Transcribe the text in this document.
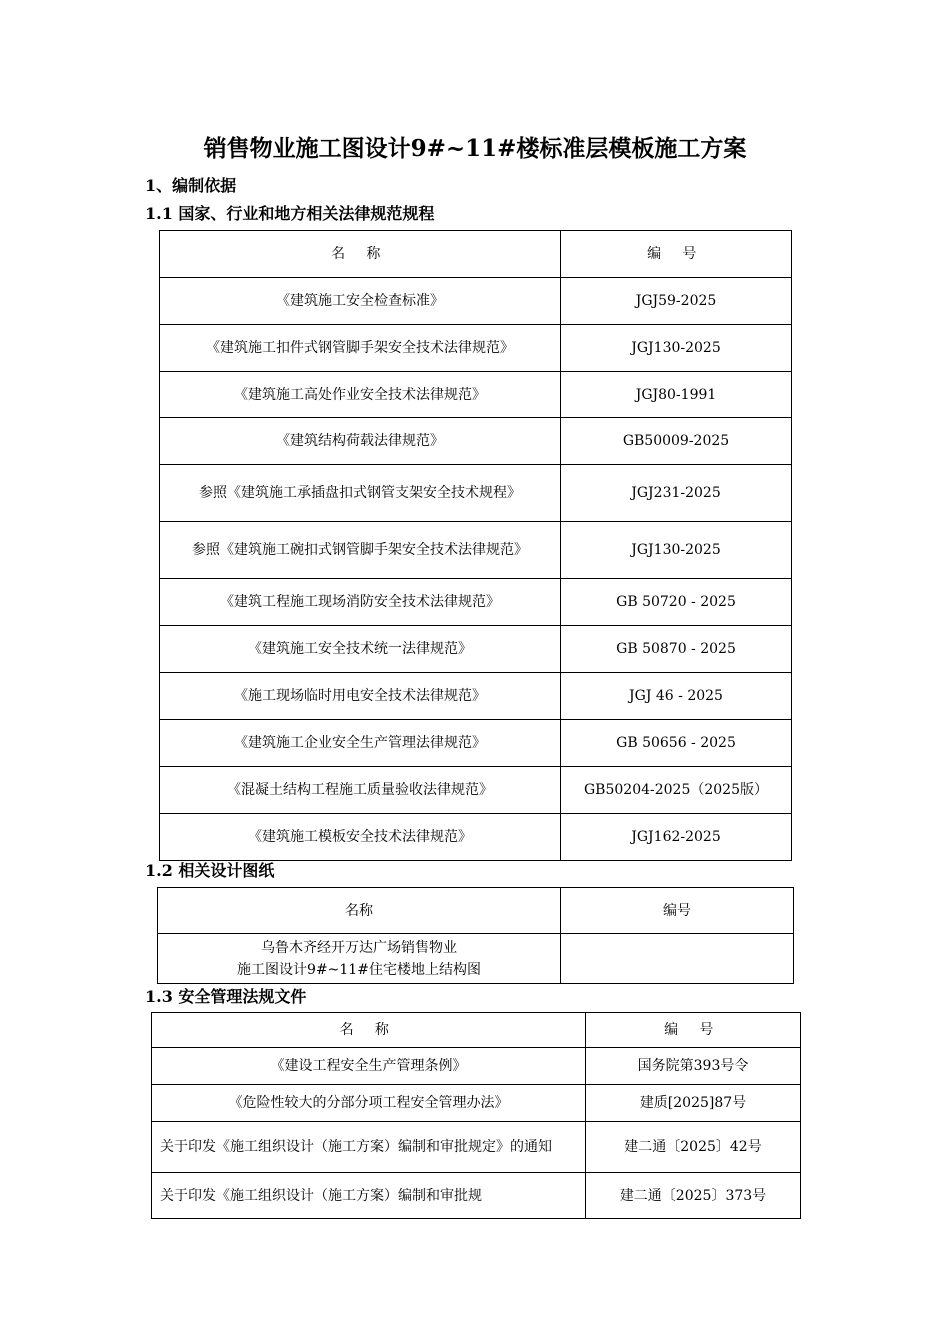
销售物业施工图设计9#~11#楼标准层模板施工方案
1、编制依据
1.1 国家、行业和地方相关法律规范规程
名 称	编 号
《建筑施工安全检查标准》	JGJ59-2025
《建筑施工扣件式钢管脚手架安全技术法律规范》	JGJ130-2025
《建筑施工高处作业安全技术法律规范》	JGJ80-1991
《建筑结构荷载法律规范》	GB50009-2025
参照《建筑施工承插盘扣式钢管支架安全技术规程》	JGJ231-2025
参照《建筑施工碗扣式钢管脚手架安全技术法律规范》	JGJ130-2025
《建筑工程施工现场消防安全技术法律规范》	GB 50720 - 2025
《建筑施工安全技术统一法律规范》	GB 50870 - 2025
《施工现场临时用电安全技术法律规范》	JGJ 46 - 2025
《建筑施工企业安全生产管理法律规范》	GB 50656 - 2025
《混凝土结构工程施工质量验收法律规范》	GB50204-2025（2025版）
《建筑施工模板安全技术法律规范》	JGJ162-2025
1.2 相关设计图纸
名称	编号

乌鲁木齐经开万达广场销售物业
施工图设计9#~11#住宅楼地上结构图	

1.3 安全管理法规文件
名 称	编 号
《建设工程安全生产管理条例》	国务院第393号令
《危险性较大的分部分项工程安全管理办法》	建质[2025]87号
关于印发《施工组织设计（施工方案）编制和审批规定》的通知	建二通〔2025〕42号
关于印发《施工组织设计（施工方案）编制和审批规	建二通〔2025〕373号
